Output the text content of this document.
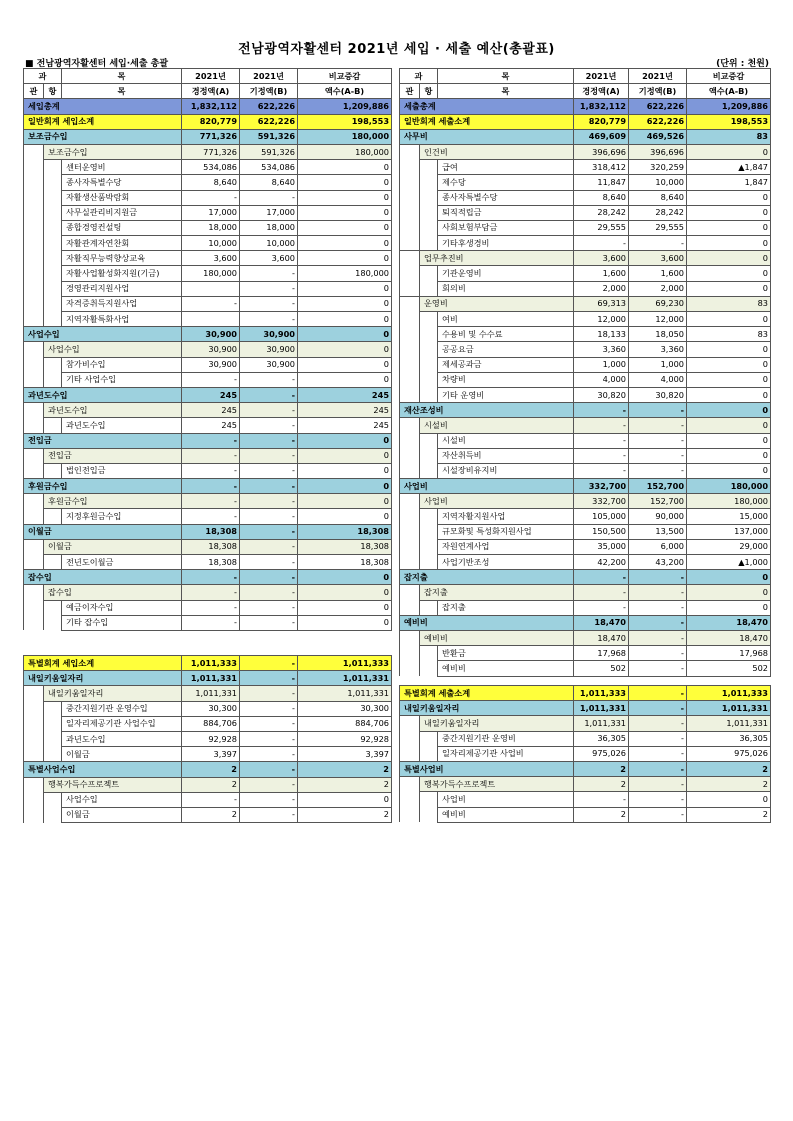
전남광역자활센터 2021년 세입 · 세출 예산(총괄표)
■ 전남광역자활센터 세입·세출 총괄	(단위 : 천원)
과		목	2021년	2021년	비교증감
관	항	목	경정액(A)	기정액(B)	액수(A-B)
세입총계			1,832,112	622,226	1,209,886
일반회계 세입소계			820,779	622,226	198,553
보조금수입			771,326	591,326	180,000
	보조금수입		771,326	591,326	180,000
		센터운영비	534,086	534,086	0
		종사자특별수당	8,640	8,640	0
		자활생산품박람회	-	-	0
		사무실관리비지원금	17,000	17,000	0
		종합경영컨설팅	18,000	18,000	0
		자활관계자연찬회	10,000	10,000	0
		자활직무능력향상교육	3,600	3,600	0
		자활사업활성화지원(기금)	180,000	-	180,000
		경영관리지원사업		-	0
		자격증취득지원사업	-	-	0
		지역자활특화사업		-	0
사업수입			30,900	30,900	0
	사업수입		30,900	30,900	0
		참가비수입	30,900	30,900	0
		기타 사업수입	-	-	0
과년도수입			245	-	245
	과년도수입		245	-	245
		과년도수입	245	-	245
전입금			-	-	0
	전입금		-	-	0
		법인전입금	-	-	0
후원금수입			-	-	0
	후원금수입		-	-	0
		지정후원금수입	-	-	0
이월금			18,308	-	18,308
	이월금		18,308	-	18,308
		전년도이월금	18,308	-	18,308
잡수입			-	-	0
	잡수입		-	-	0
		예금이자수입	-	-	0
		기타 잡수입	-	-	0
과		목	2021년	2021년	비교증감
관	항	목	경정액(A)	기정액(B)	액수(A-B)
세출총계			1,832,112	622,226	1,209,886
일반회계 세출소계			820,779	622,226	198,553
사무비			469,609	469,526	83
	인건비		396,696	396,696	0
		급여	318,412	320,259	▲1,847
		제수당	11,847	10,000	1,847
		종사자특별수당	8,640	8,640	0
		퇴직적립금	28,242	28,242	0
		사회보험부담금	29,555	29,555	0
		기타후생경비	-	-	0
	업무추진비		3,600	3,600	0
		기관운영비	1,600	1,600	0
		회의비	2,000	2,000	0
	운영비		69,313	69,230	83
		여비	12,000	12,000	0
		수용비 및 수수료	18,133	18,050	83
		공공요금	3,360	3,360	0
		제세공과금	1,000	1,000	0
		차량비	4,000	4,000	0
		기타 운영비	30,820	30,820	0
재산조성비			-	-	0
	시설비		-	-	0
		시설비	-	-	0
		자산취득비	-	-	0
		시설장비유지비	-	-	0
사업비			332,700	152,700	180,000
	사업비		332,700	152,700	180,000
		지역자활지원사업	105,000	90,000	15,000
		규모화및 특성화지원사업	150,500	13,500	137,000
		자원연계사업	35,000	6,000	29,000
		사업기반조성	42,200	43,200	▲1,000
잡지출			-	-	0
	잡지출		-	-	0
		잡지출	-	-	0
예비비			18,470	-	18,470
	예비비		18,470	-	18,470
		반환금	17,968	-	17,968
		예비비	502	-	502
특별회계 세입소계			1,011,333	-	1,011,333
내일키움일자리			1,011,331	-	1,011,331
	내일키움일자리		1,011,331	-	1,011,331
		중간지원기관 운영수입	30,300	-	30,300
		일자리제공기관 사업수입	884,706	-	884,706
		과년도수입	92,928	-	92,928
		이월금	3,397	-	3,397
특별사업수입			2	-	2
	행복가득수프로젝트		2	-	2
		사업수입	-	-	0
		이월금	2	-	2
특별회계 세출소계			1,011,333	-	1,011,333
내일키움일자리			1,011,331	-	1,011,331
	내일키움일자리		1,011,331	-	1,011,331
		중간지원기관 운영비	36,305	-	36,305
		일자리제공기관 사업비	975,026	-	975,026
특별사업비			2	-	2
	행복가득수프로젝트		2	-	2
		사업비	-	-	0
		예비비	2	-	2
